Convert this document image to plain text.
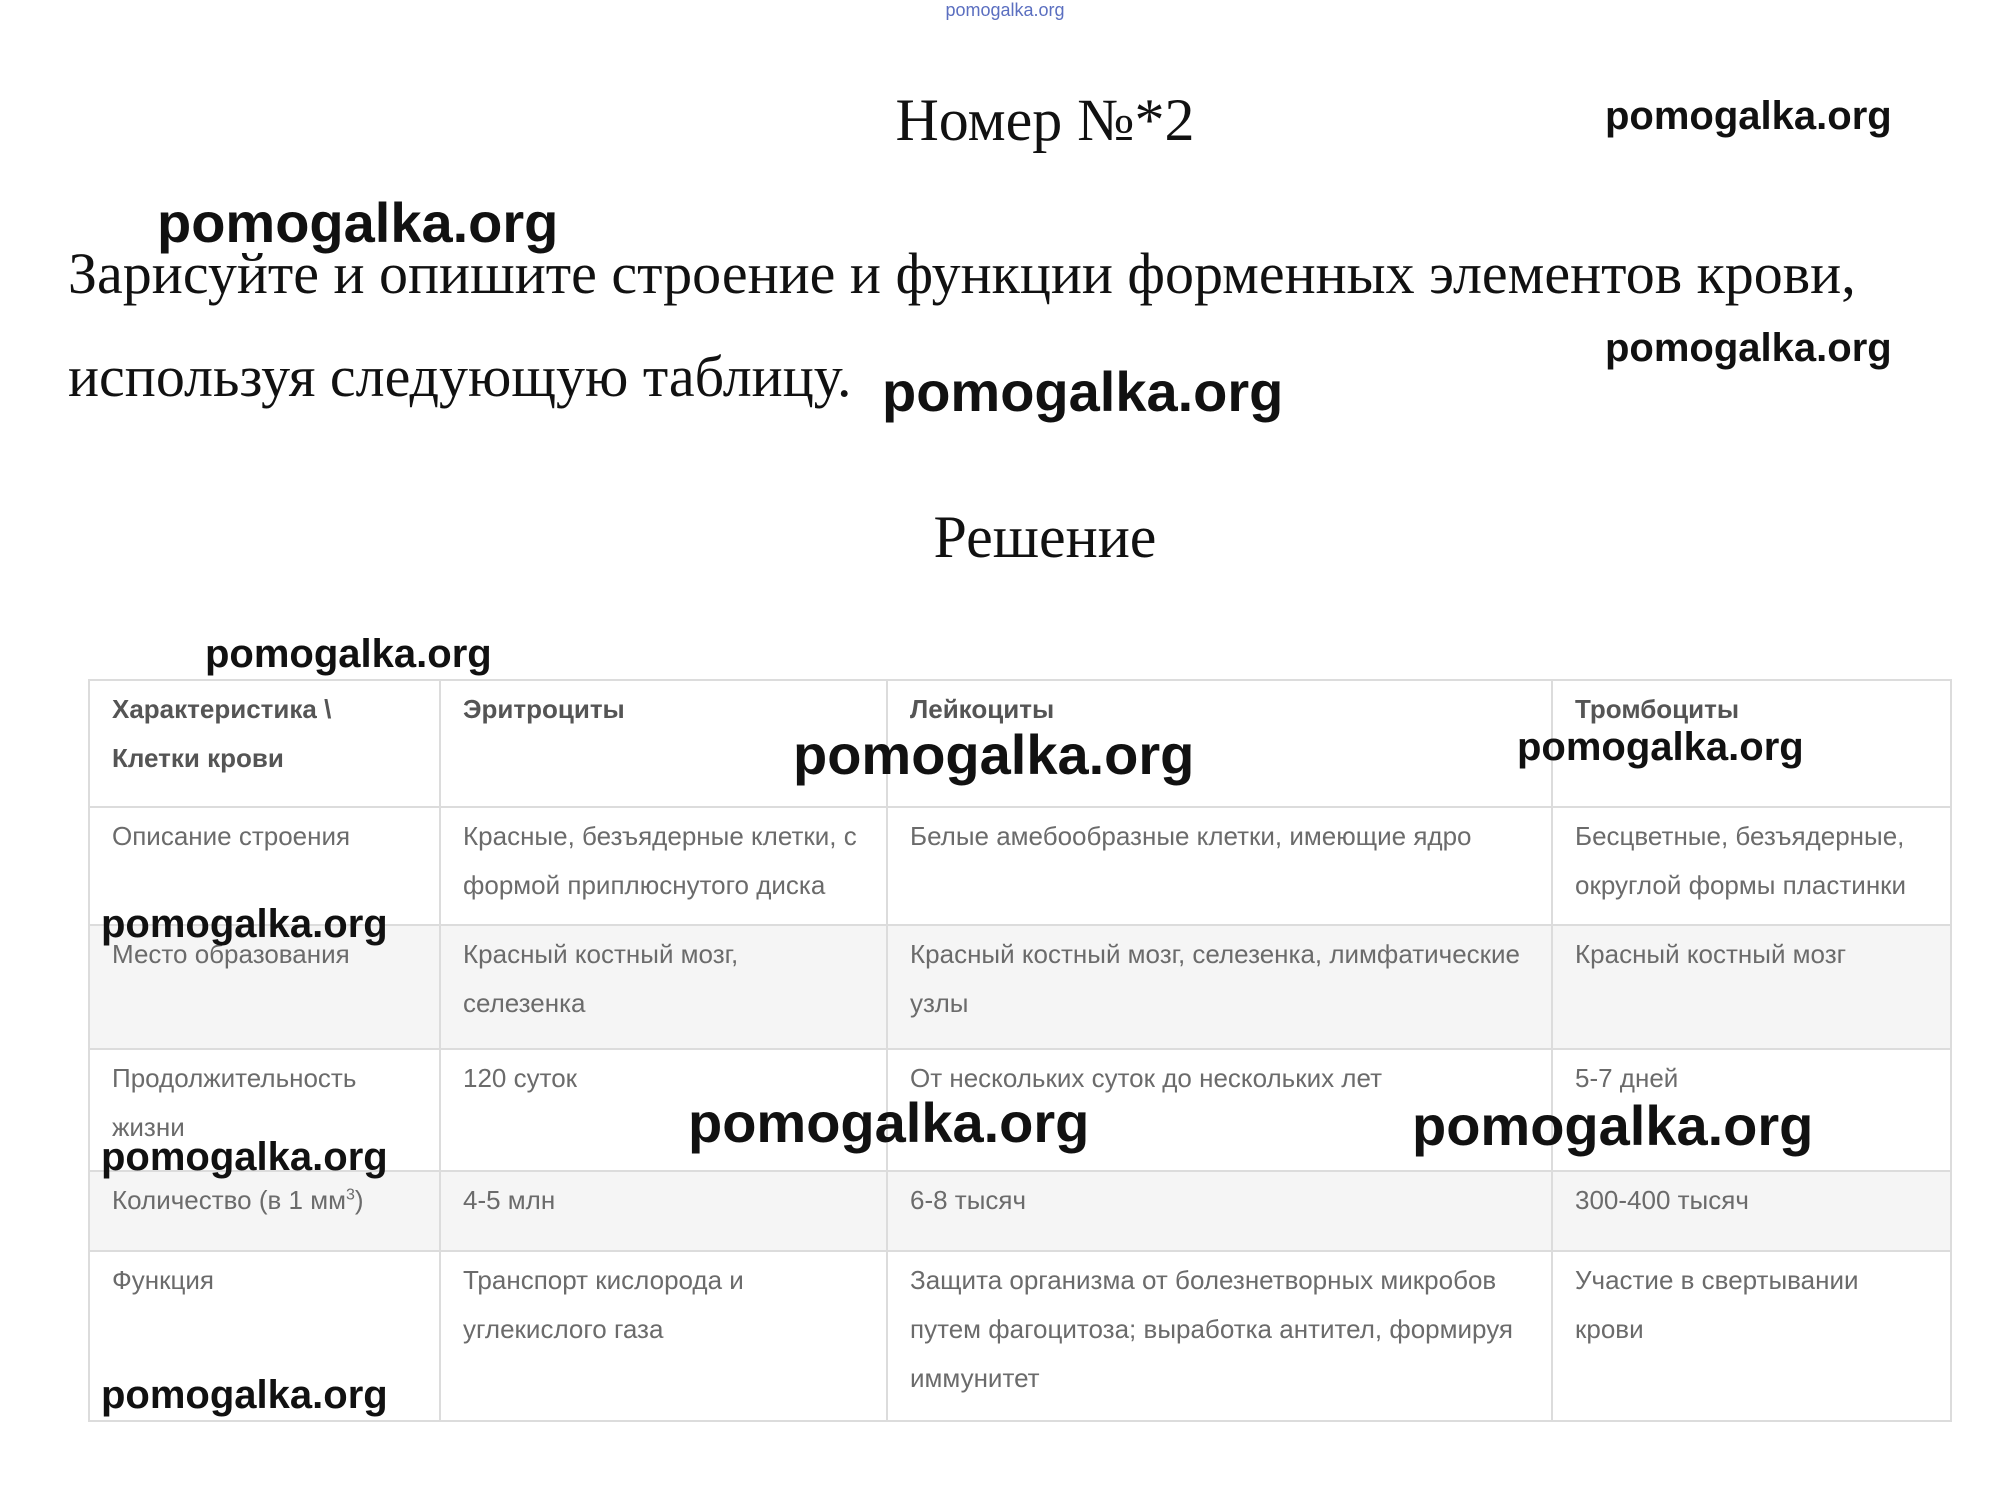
pomogalka.org
Номер №*2
Зарисуйте и опишите строение и функции форменных элементов крови,
используя следующую таблицу.
Решение
Характеристика \
Клетки крови	Эритроциты	Лейкоциты	Тромбоциты
Описание строения	Красные, безъядерные клетки, с формой приплюснутого диска	Белые амебообразные клетки, имеющие ядро	Бесцветные, безъядерные, округлой формы пластинки
Место образования	Красный костный мозг, селезенка	Красный костный мозг, селезенка, лимфатические узлы	Красный костный мозг
Продолжительность жизни	120 суток	От нескольких суток до нескольких лет	5-7 дней
Количество (в 1 $мм^3$)	4-5 млн	6-8 тысяч	300-400 тысяч
Функция	Транспорт кислорода и углекислого газа	Защита организма от болезнетворных микробов путем фагоцитоза; выработка антител, формируя иммунитет	Участие в свертывании крови
pomogalka.org
pomogalka.org
pomogalka.org
pomogalka.org
pomogalka.org
pomogalka.org	pomogalka.org
pomogalka.org
pomogalka.org	pomogalka.org
pomogalka.org
pomogalka.org
